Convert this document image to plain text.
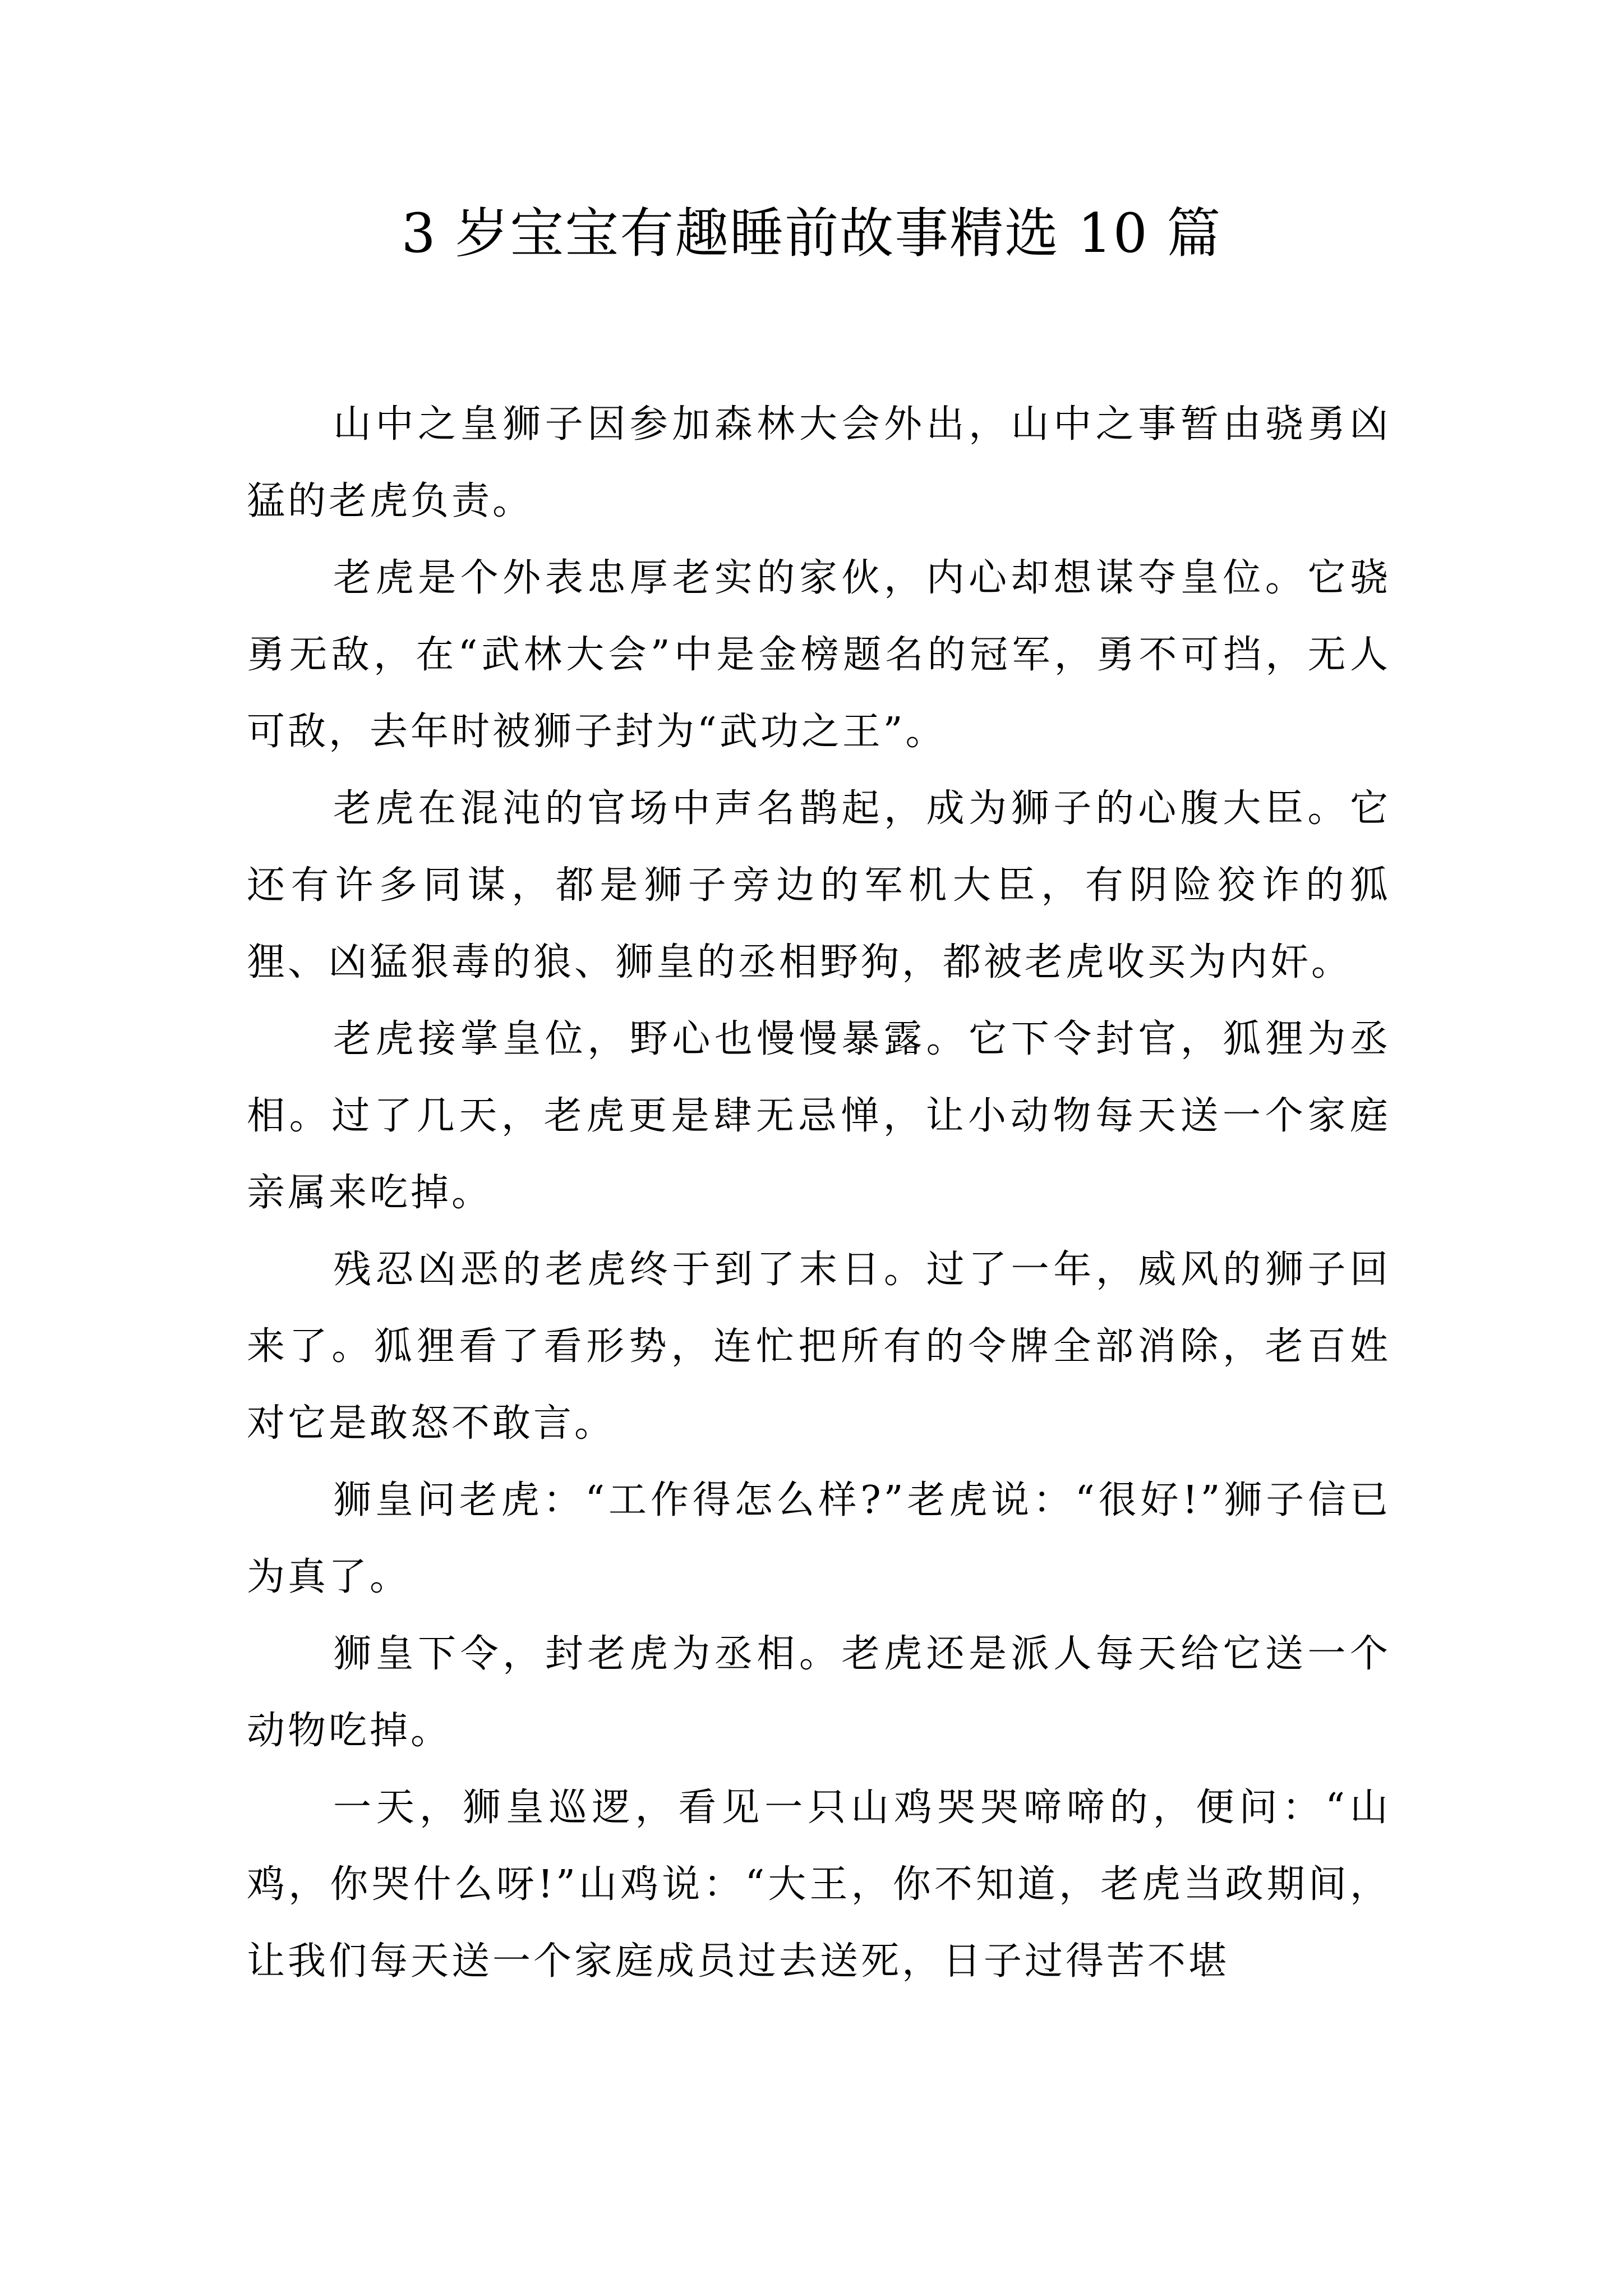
3 岁宝宝有趣睡前故事精选 10 篇

山中之皇狮子因参加森林大会外出，山中之事暂由骁勇凶猛的老虎负责。

老虎是个外表忠厚老实的家伙，内心却想谋夺皇位。它骁勇无敌，在“武林大会”中是金榜题名的冠军，勇不可挡，无人可敌，去年时被狮子封为“武功之王”。

老虎在混沌的官场中声名鹊起，成为狮子的心腹大臣。它还有许多同谋，都是狮子旁边的军机大臣，有阴险狡诈的狐狸、凶猛狠毒的狼、狮皇的丞相野狗，都被老虎收买为内奸。

老虎接掌皇位，野心也慢慢暴露。它下令封官，狐狸为丞相。过了几天，老虎更是肆无忌惮，让小动物每天送一个家庭亲属来吃掉。

残忍凶恶的老虎终于到了末日。过了一年，威风的狮子回来了。狐狸看了看形势，连忙把所有的令牌全部消除，老百姓对它是敢怒不敢言。

狮皇问老虎：“工作得怎么样?”老虎说：“很好!”狮子信已为真了。

狮皇下令，封老虎为丞相。老虎还是派人每天给它送一个动物吃掉。

一天，狮皇巡逻，看见一只山鸡哭哭啼啼的，便问：“山鸡，你哭什么呀!”山鸡说：“大王，你不知道，老虎当政期间，让我们每天送一个家庭成员过去送死，日子过得苦不堪
